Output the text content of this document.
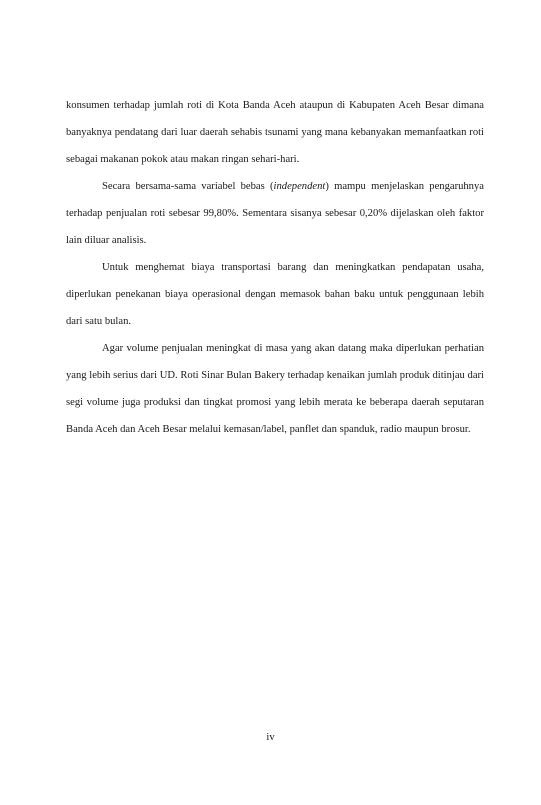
konsumen terhadap jumlah roti di Kota Banda Aceh ataupun di Kabupaten Aceh Besar dimana banyaknya pendatang dari luar daerah sehabis tsunami yang mana kebanyakan memanfaatkan roti sebagai makanan pokok atau makan ringan sehari-hari.

Secara bersama-sama variabel bebas (independent) mampu menjelaskan pengaruhnya terhadap penjualan roti sebesar 99,80%. Sementara sisanya sebesar 0,20% dijelaskan oleh faktor lain diluar analisis.

Untuk menghemat biaya transportasi barang dan meningkatkan pendapatan usaha, diperlukan penekanan biaya operasional dengan memasok bahan baku untuk penggunaan lebih dari satu bulan.

Agar volume penjualan meningkat di masa yang akan datang maka diperlukan perhatian yang lebih serius dari UD. Roti Sinar Bulan Bakery terhadap kenaikan jumlah produk ditinjau dari segi volume juga produksi dan tingkat promosi yang lebih merata ke beberapa daerah seputaran Banda Aceh dan Aceh Besar melalui kemasan/label, panflet dan spanduk, radio maupun brosur.

iv
